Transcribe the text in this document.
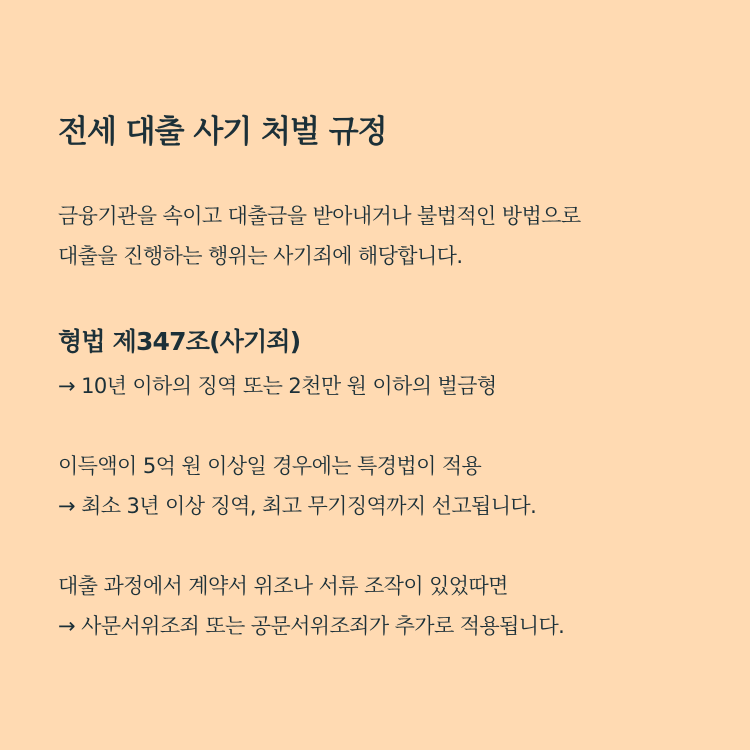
전세 대출 사기 처벌 규정
금융기관을 속이고 대출금을 받아내거나 불법적인 방법으로
대출을 진행하는 행위는 사기죄에 해당합니다.
형법 제347조(사기죄)
→ 10년 이하의 징역 또는 2천만 원 이하의 벌금형
이득액이 5억 원 이상일 경우에는 특경법이 적용
→ 최소 3년 이상 징역, 최고 무기징역까지 선고됩니다.
대출 과정에서 계약서 위조나 서류 조작이 있었따면
→ 사문서위조죄 또는 공문서위조죄가 추가로 적용됩니다.
